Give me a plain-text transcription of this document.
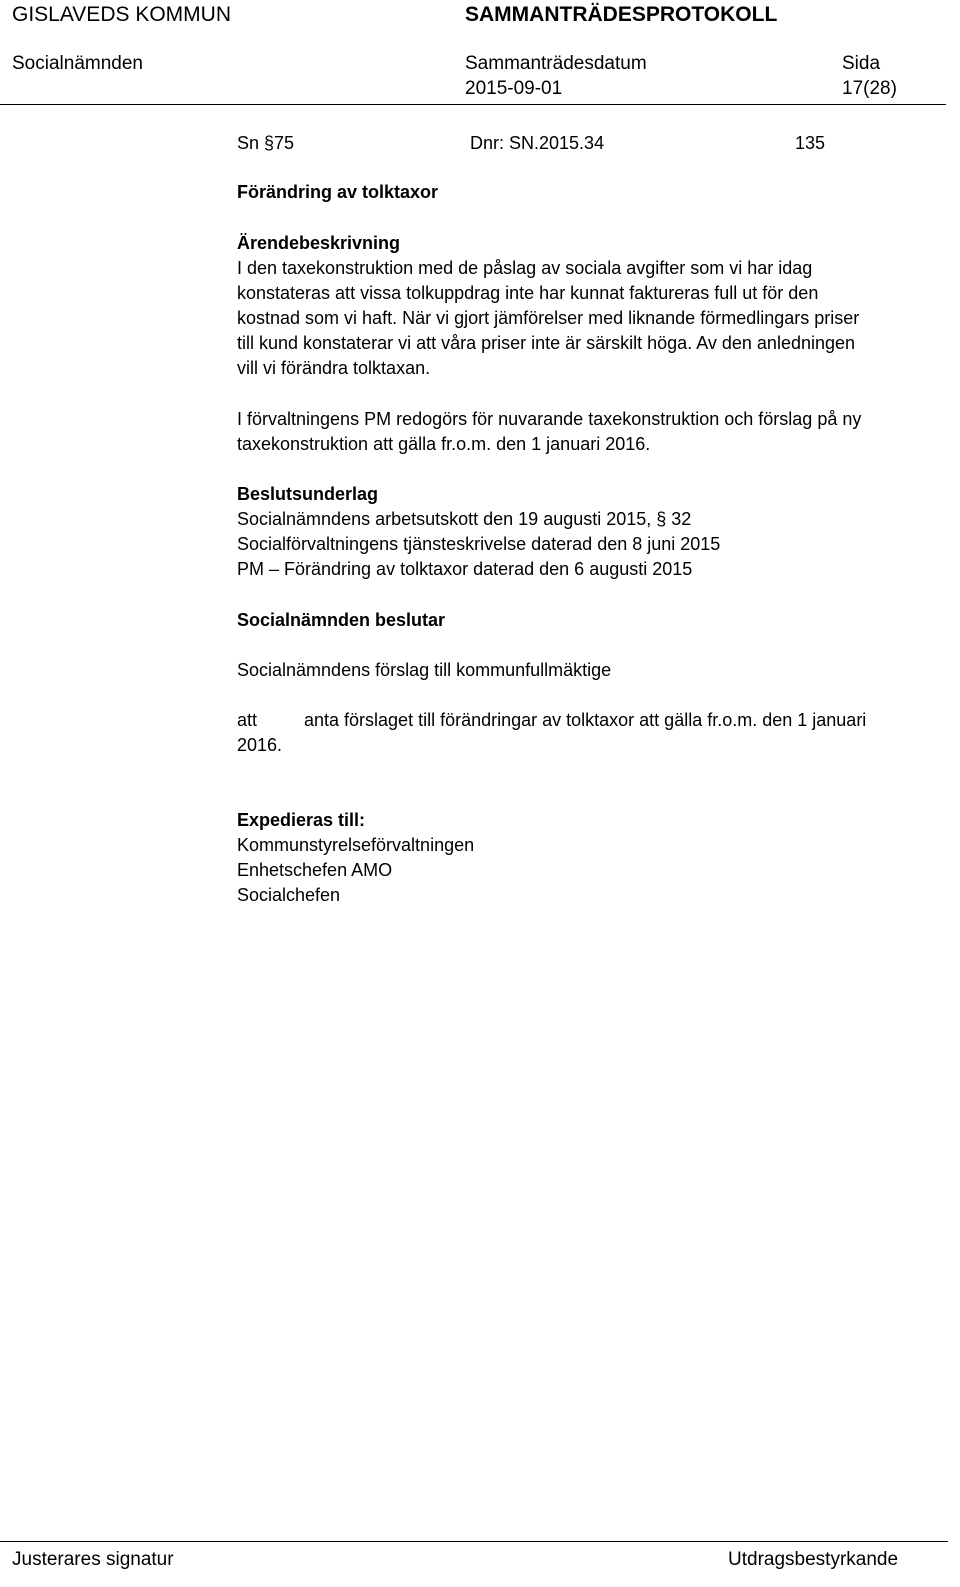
GISLAVEDS KOMMUN	SAMMANTRÄDESPROTOKOLL
Socialnämnden	Sammanträdesdatum	Sida
2015-09-01	17(28)
Sn §75	Dnr: SN.2015.34	135
Förändring av tolktaxor
Ärendebeskrivning
I den taxekonstruktion med de påslag av sociala avgifter som vi har idag
konstateras att vissa tolkuppdrag inte har kunnat faktureras full ut för den
kostnad som vi haft. När vi gjort jämförelser med liknande förmedlingars priser
till kund konstaterar vi att våra priser inte är särskilt höga. Av den anledningen
vill vi förändra tolktaxan.
I förvaltningens PM redogörs för nuvarande taxekonstruktion och förslag på ny
taxekonstruktion att gälla fr.o.m. den 1 januari 2016.
Beslutsunderlag
Socialnämndens arbetsutskott den 19 augusti 2015, § 32
Socialförvaltningens tjänsteskrivelse daterad den 8 juni 2015
PM – Förändring av tolktaxor daterad den 6 augusti 2015
Socialnämnden beslutar
Socialnämndens förslag till kommunfullmäktige
att	anta förslaget till förändringar av tolktaxor att gälla fr.o.m. den 1 januari
2016.
Expedieras till:
Kommunstyrelseförvaltningen
Enhetschefen AMO
Socialchefen
Justerares signatur	Utdragsbestyrkande
